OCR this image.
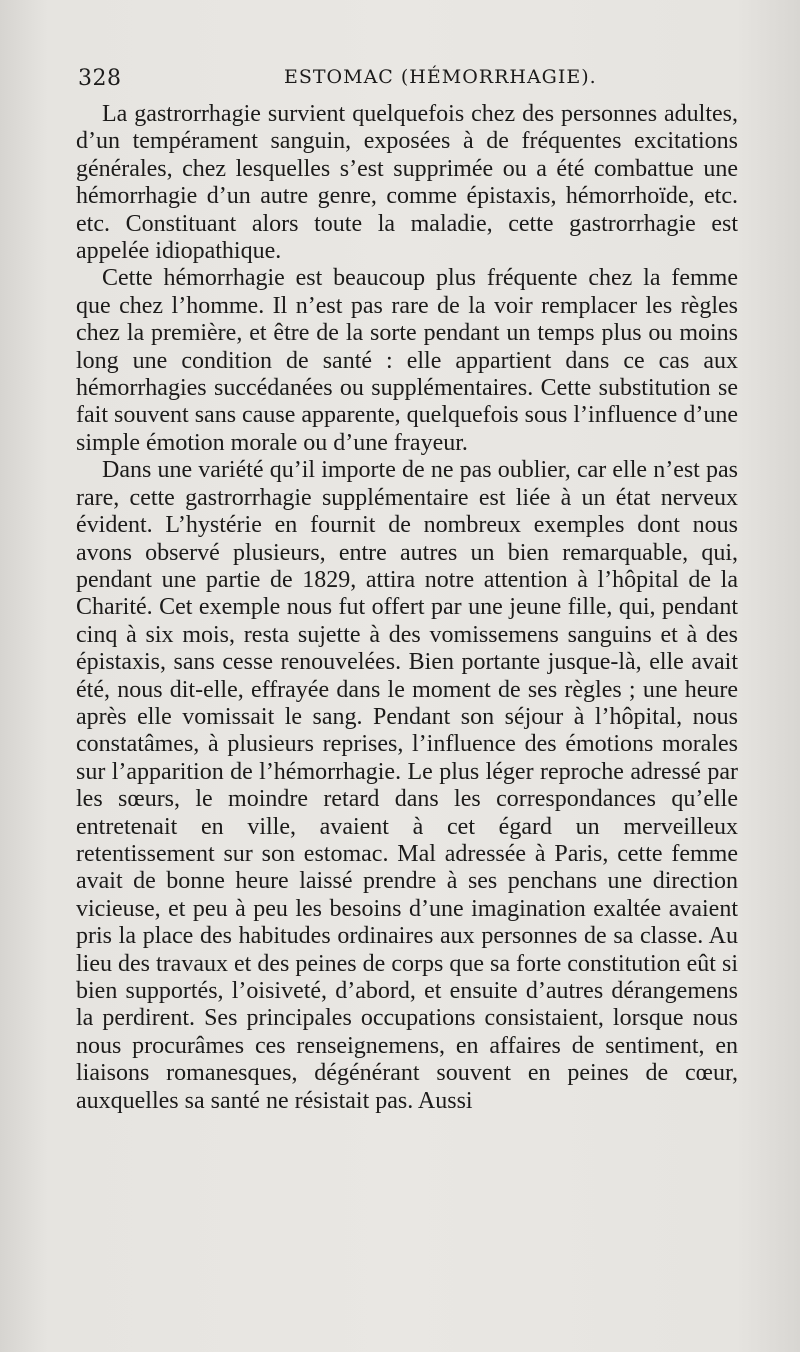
328	ESTOMAC (HÉMORRHAGIE).

La gastrorrhagie survient quelquefois chez des personnes adultes, d’un tempérament sanguin, exposées à de fréquentes excitations générales, chez lesquelles s’est supprimée ou a été combattue une hémorrhagie d’un autre genre, comme épistaxis, hémorrhoïde, etc. etc. Constituant alors toute la maladie, cette gastrorrhagie est appelée idiopathique.

Cette hémorrhagie est beaucoup plus fréquente chez la femme que chez l’homme. Il n’est pas rare de la voir remplacer les règles chez la première, et être de la sorte pendant un temps plus ou moins long une condition de santé : elle appartient dans ce cas aux hémorrhagies succédanées ou supplémentaires. Cette substitution se fait souvent sans cause apparente, quelquefois sous l’influence d’une simple émotion morale ou d’une frayeur.

Dans une variété qu’il importe de ne pas oublier, car elle n’est pas rare, cette gastrorrhagie supplémentaire est liée à un état nerveux évident. L’hystérie en fournit de nombreux exemples dont nous avons observé plusieurs, entre autres un bien remarquable, qui, pendant une partie de 1829, attira notre attention à l’hôpital de la Charité. Cet exemple nous fut offert par une jeune fille, qui, pendant cinq à six mois, resta sujette à des vomissemens sanguins et à des épistaxis, sans cesse renouvelées. Bien portante jusque-là, elle avait été, nous dit-elle, effrayée dans le moment de ses règles ; une heure après elle vomissait le sang. Pendant son séjour à l’hôpital, nous constatâmes, à plusieurs reprises, l’influence des émotions morales sur l’apparition de l’hémorrhagie. Le plus léger reproche adressé par les sœurs, le moindre retard dans les correspondances qu’elle entretenait en ville, avaient à cet égard un merveilleux retentissement sur son estomac. Mal adressée à Paris, cette femme avait de bonne heure laissé prendre à ses penchans une direction vicieuse, et peu à peu les besoins d’une imagination exaltée avaient pris la place des habitudes ordinaires aux personnes de sa classe. Au lieu des travaux et des peines de corps que sa forte constitution eût si bien supportés, l’oisiveté, d’abord, et ensuite d’autres dérangemens la perdirent. Ses principales occupations consistaient, lorsque nous nous procurâmes ces renseignemens, en affaires de sentiment, en liaisons romanesques, dégénérant souvent en peines de cœur, auxquelles sa santé ne résistait pas. Aussi
